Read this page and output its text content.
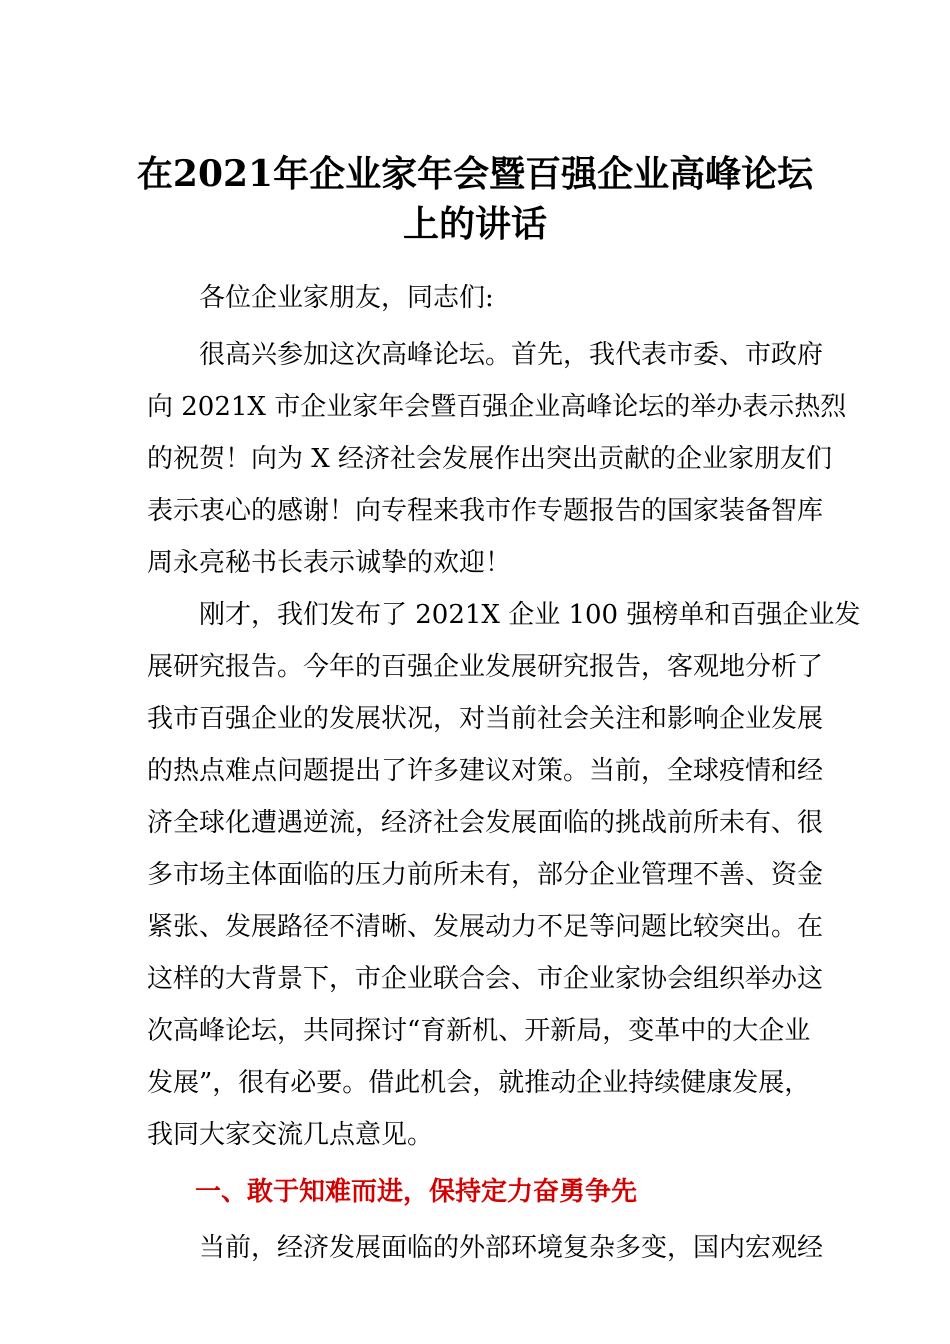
在2021年企业家年会暨百强企业高峰论坛
上的讲话
各位企业家朋友，同志们:
很高兴参加这次高峰论坛。首先，我代表市委、市政府
向 2021X 市企业家年会暨百强企业高峰论坛的举办表示热烈
的祝贺！向为 X 经济社会发展作出突出贡献的企业家朋友们
表示衷心的感谢！向专程来我市作专题报告的国家装备智库
周永亮秘书长表示诚挚的欢迎！
刚才，我们发布了 2021X 企业 100 强榜单和百强企业发
展研究报告。今年的百强企业发展研究报告，客观地分析了
我市百强企业的发展状况，对当前社会关注和影响企业发展
的热点难点问题提出了许多建议对策。当前，全球疫情和经
济全球化遭遇逆流，经济社会发展面临的挑战前所未有、很
多市场主体面临的压力前所未有，部分企业管理不善、资金
紧张、发展路径不清晰、发展动力不足等问题比较突出。在
这样的大背景下，市企业联合会、市企业家协会组织举办这
次高峰论坛，共同探讨“育新机、开新局，变革中的大企业
发展”，很有必要。借此机会，就推动企业持续健康发展，
我同大家交流几点意见。
一、敢于知难而进，保持定力奋勇争先
当前，经济发展面临的外部环境复杂多变，国内宏观经
